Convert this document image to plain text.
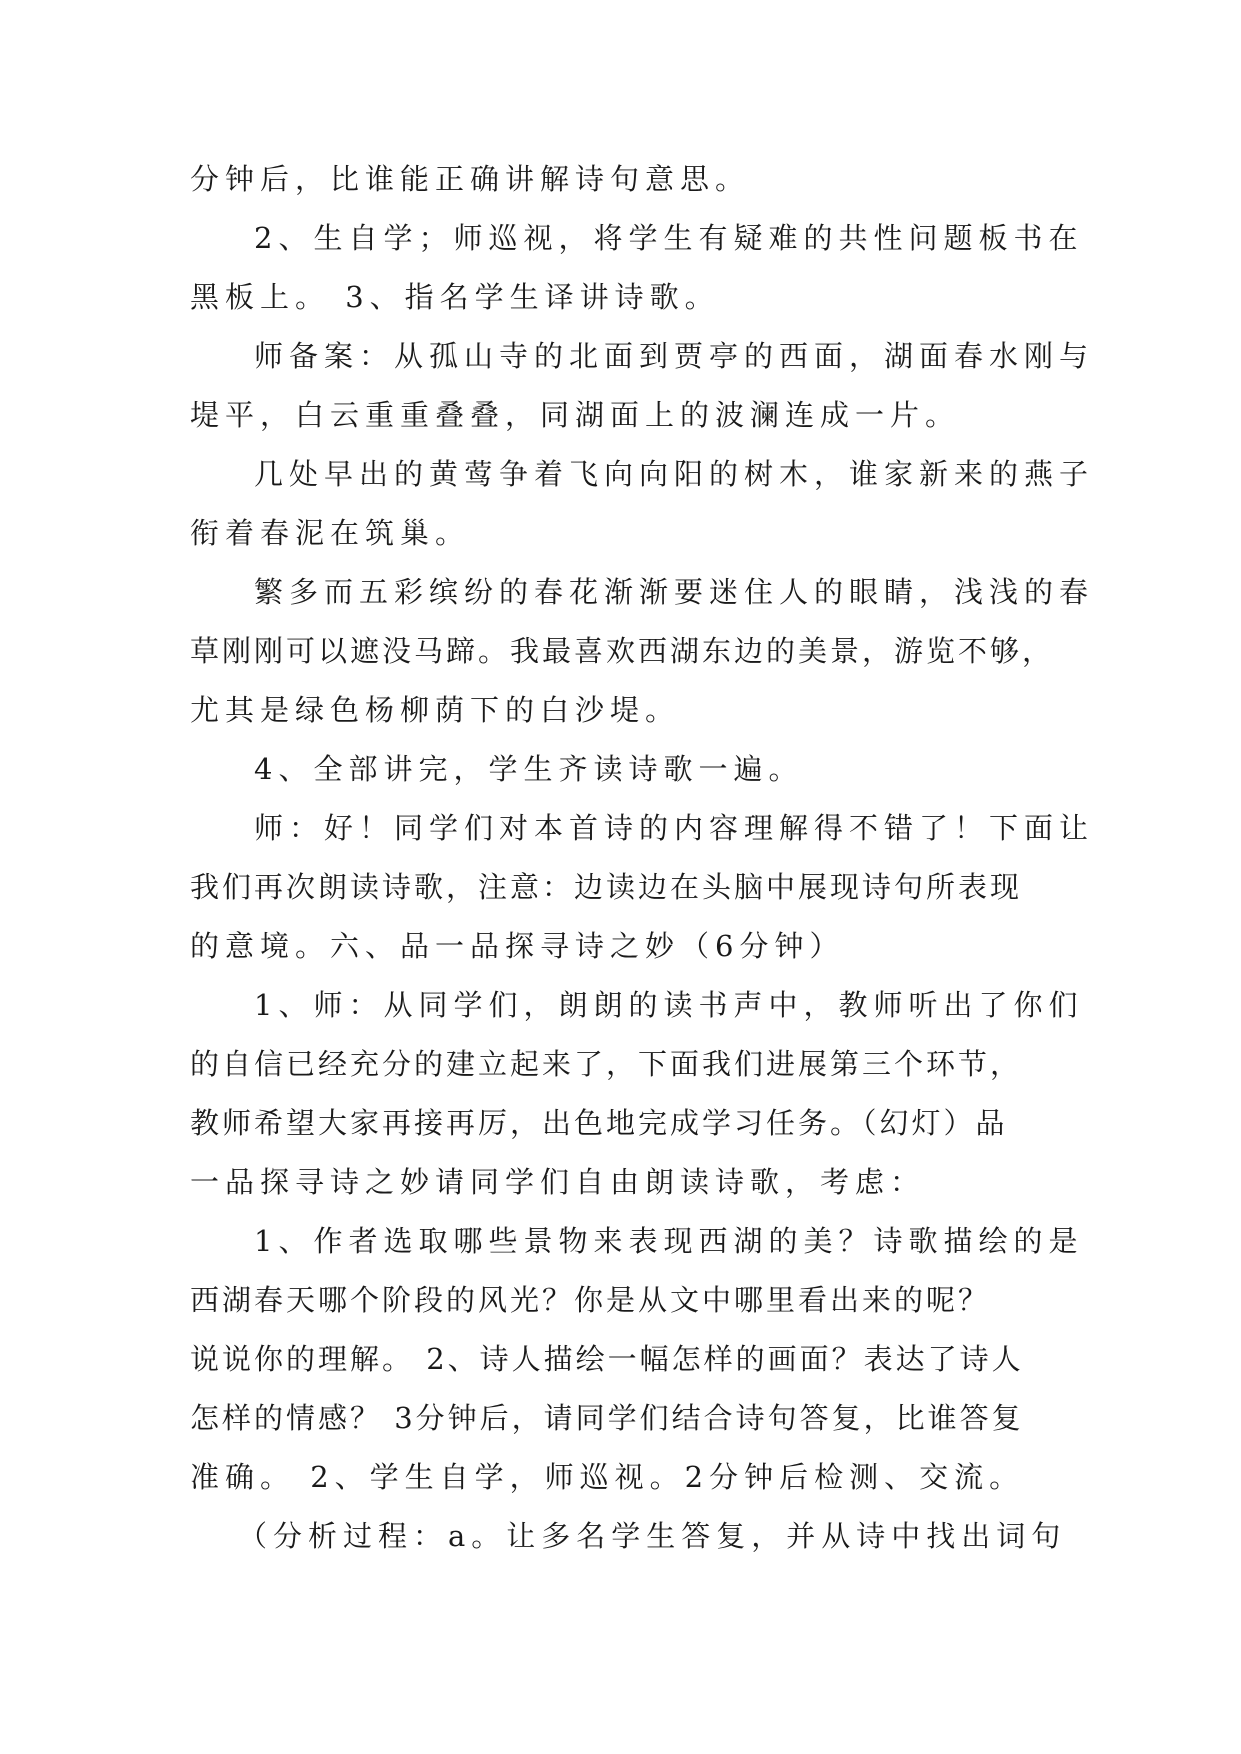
分钟后，比谁能正确讲解诗句意思。
2、生自学；师巡视，将学生有疑难的共性问题板书在
黑板上。 3、指名学生译讲诗歌。
师备案：从孤山寺的北面到贾亭的西面，湖面春水刚与
堤平，白云重重叠叠，同湖面上的波澜连成一片。
几处早出的黄莺争着飞向向阳的树木，谁家新来的燕子
衔着春泥在筑巢。
繁多而五彩缤纷的春花渐渐要迷住人的眼睛，浅浅的春
草刚刚可以遮没马蹄。我最喜欢西湖东边的美景，游览不够，
尤其是绿色杨柳荫下的白沙堤。
4、全部讲完，学生齐读诗歌一遍。
师：好！同学们对本首诗的内容理解得不错了！下面让
我们再次朗读诗歌，注意：边读边在头脑中展现诗句所表现
的意境。六、品一品探寻诗之妙（6分钟）
1、师：从同学们，朗朗的读书声中，教师听出了你们
的自信已经充分的建立起来了，下面我们进展第三个环节，
教师希望大家再接再厉，出色地完成学习任务。（幻灯）品
一品探寻诗之妙请同学们自由朗读诗歌，考虑：
1、作者选取哪些景物来表现西湖的美？诗歌描绘的是
西湖春天哪个阶段的风光？你是从文中哪里看出来的呢？
说说你的理解。 2、诗人描绘一幅怎样的画面？表达了诗人
怎样的情感？ 3分钟后，请同学们结合诗句答复，比谁答复
准确。 2、学生自学，师巡视。2分钟后检测、交流。
（分析过程：a。让多名学生答复，并从诗中找出词句
